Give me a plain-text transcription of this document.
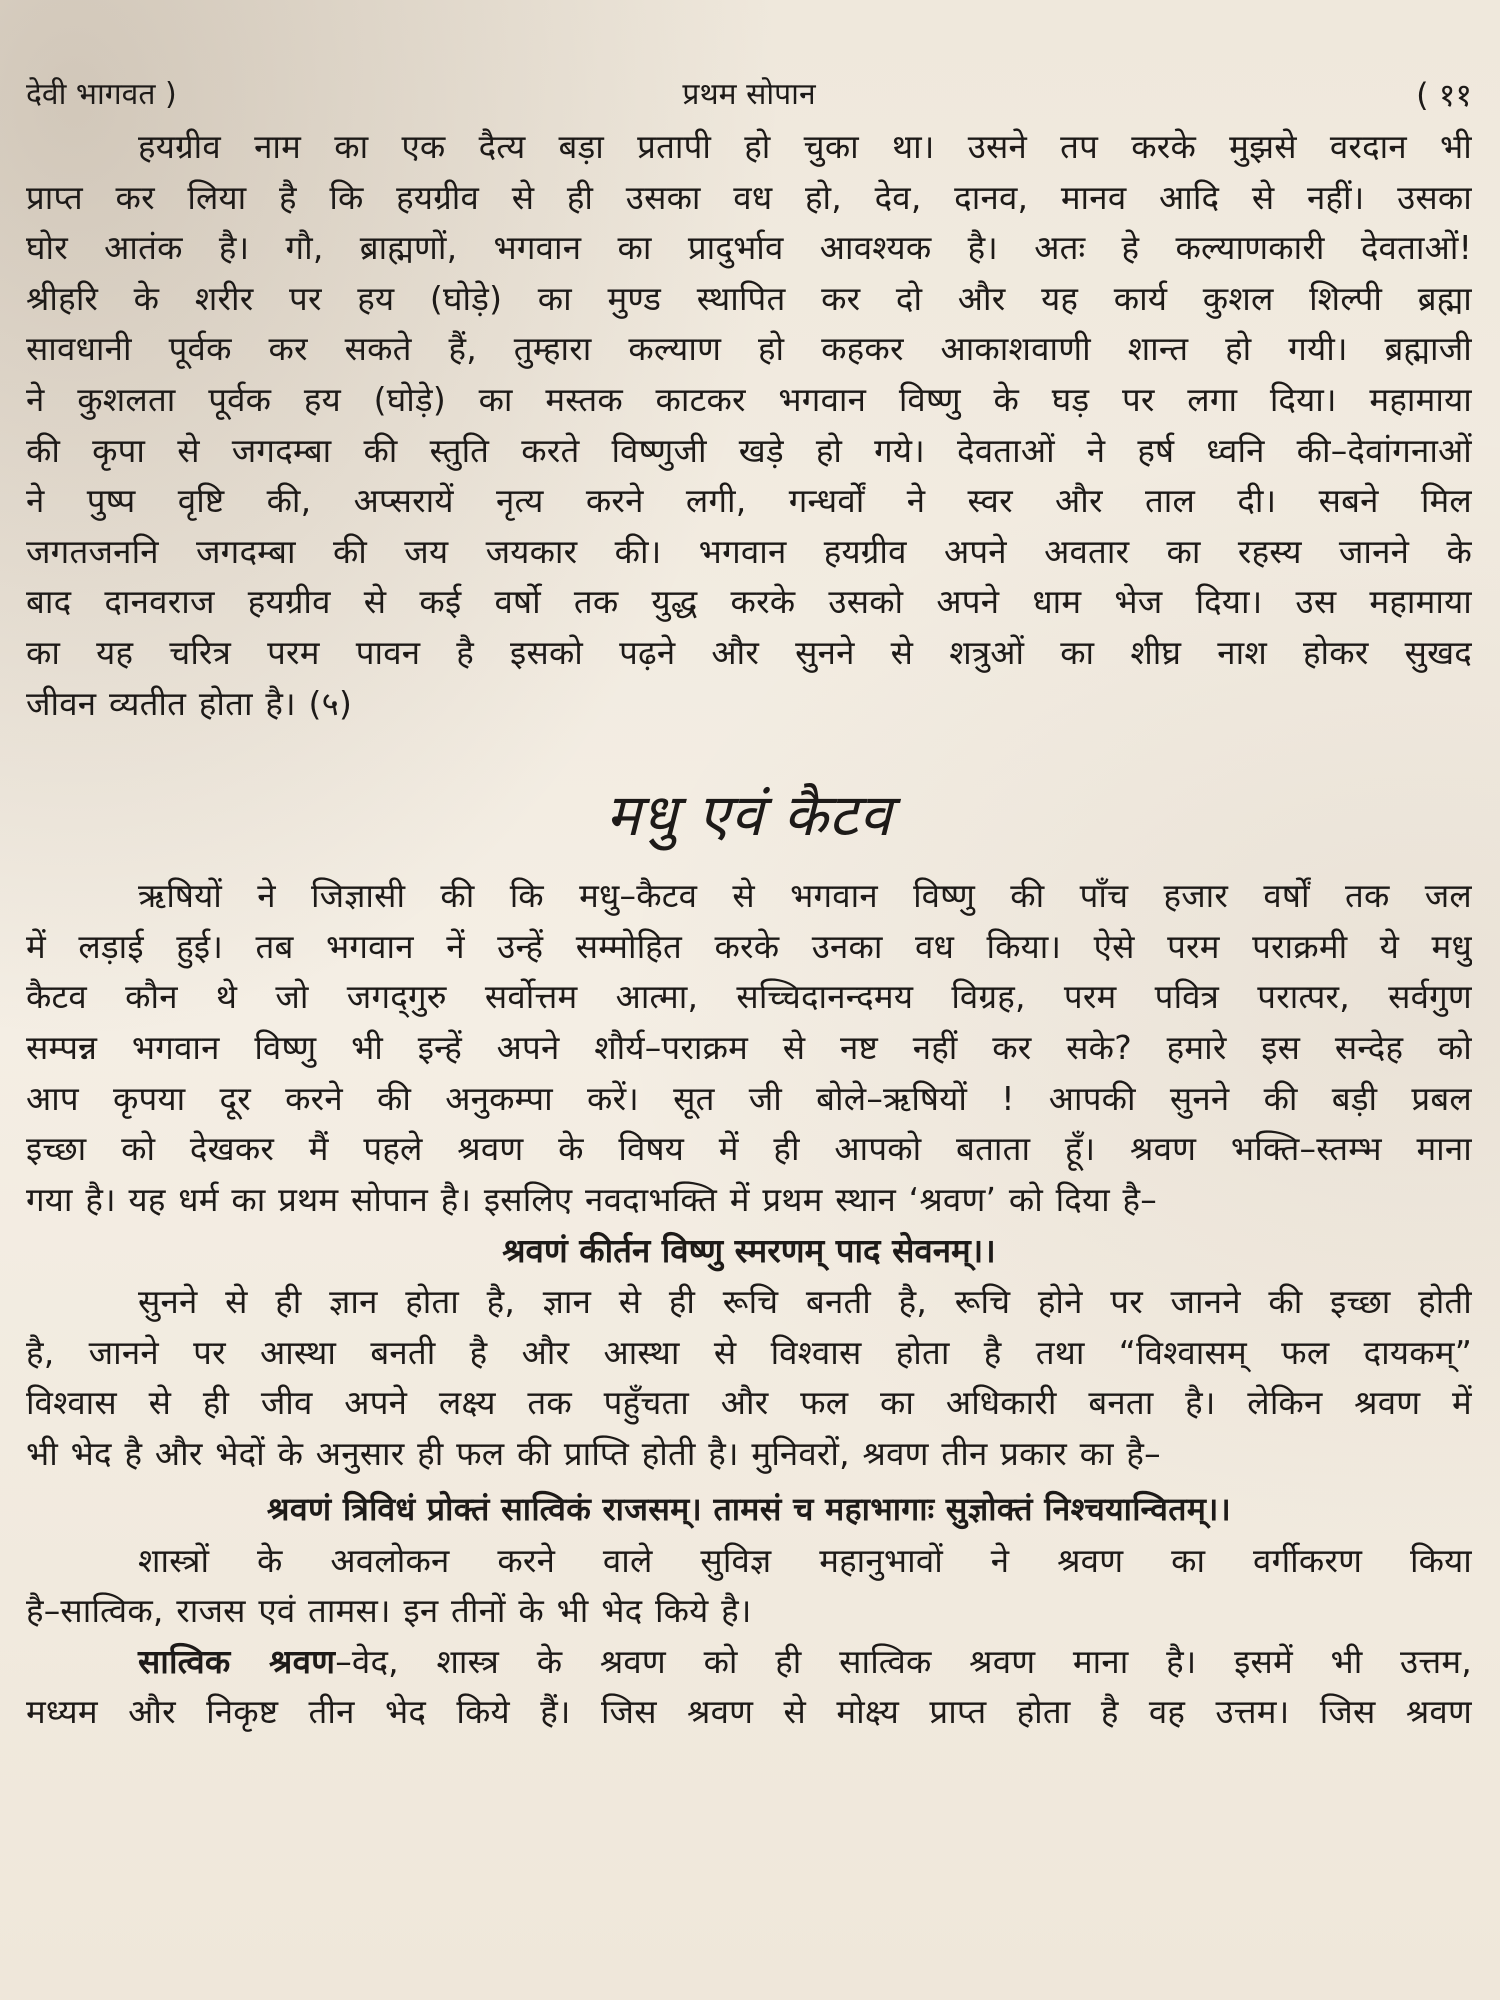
देवी भागवत )	प्रथम सोपान	( ११
हयग्रीव नाम का एक दैत्य बड़ा प्रतापी हो चुका था। उसने तप करके मुझसे वरदान भी
प्राप्त कर लिया है कि हयग्रीव से ही उसका वध हो, देव, दानव, मानव आदि से नहीं। उसका
घोर आतंक है। गौ, ब्राह्मणों, भगवान का प्रादुर्भाव आवश्यक है। अतः हे कल्याणकारी देवताओं!
श्रीहरि के शरीर पर हय (घोड़े) का मुण्ड स्थापित कर दो और यह कार्य कुशल शिल्पी ब्रह्मा
सावधानी पूर्वक कर सकते हैं, तुम्हारा कल्याण हो कहकर आकाशवाणी शान्त हो गयी। ब्रह्माजी
ने कुशलता पूर्वक हय (घोड़े) का मस्तक काटकर भगवान विष्णु के घड़ पर लगा दिया। महामाया
की कृपा से जगदम्बा की स्तुति करते विष्णुजी खड़े हो गये। देवताओं ने हर्ष ध्वनि की–देवांगनाओं
ने पुष्प वृष्टि की, अप्सरायें नृत्य करने लगी, गन्धर्वों ने स्वर और ताल दी। सबने मिल
जगतजननि जगदम्बा की जय जयकार की। भगवान हयग्रीव अपने अवतार का रहस्य जानने के
बाद दानवराज हयग्रीव से कई वर्षो तक युद्ध करके उसको अपने धाम भेज दिया। उस महामाया
का यह चरित्र परम पावन है इसको पढ़ने और सुनने से शत्रुओं का शीघ्र नाश होकर सुखद
जीवन व्यतीत होता है। (५)
मधु एवं कैटव
ऋषियों ने जिज्ञासी की कि मधु–कैटव से भगवान विष्णु की पाँच हजार वर्षों तक जल
में लड़ाई हुई। तब भगवान नें उन्हें सम्मोहित करके उनका वध किया। ऐसे परम पराक्रमी ये मधु
कैटव कौन थे जो जगद्‌गुरु सर्वोत्तम आत्मा, सच्चिदानन्दमय विग्रह, परम पवित्र परात्पर, सर्वगुण
सम्पन्न भगवान विष्णु भी इन्हें अपने शौर्य–पराक्रम से नष्ट नहीं कर सके? हमारे इस सन्देह को
आप कृपया दूर करने की अनुकम्पा करें। सूत जी बोले–ऋषियों ! आपकी सुनने की बड़ी प्रबल
इच्छा को देखकर मैं पहले श्रवण के विषय में ही आपको बताता हूँ। श्रवण भक्ति–स्तम्भ माना
गया है। यह धर्म का प्रथम सोपान है। इसलिए नवदाभक्ति में प्रथम स्थान ‘श्रवण’ को दिया है–
श्रवणं कीर्तन विष्णु स्मरणम् पाद सेवनम्।।
सुनने से ही ज्ञान होता है, ज्ञान से ही रूचि बनती है, रूचि होने पर जानने की इच्छा होती
है, जानने पर आस्था बनती है और आस्था से विश्वास होता है तथा “विश्वासम् फल दायकम्”
विश्वास से ही जीव अपने लक्ष्य तक पहुँचता और फल का अधिकारी बनता है। लेकिन श्रवण में
भी भेद है और भेदों के अनुसार ही फल की प्राप्ति होती है। मुनिवरों, श्रवण तीन प्रकार का है–
श्रवणं त्रिविधं प्रोक्तं सात्विकं राजसम्। तामसं च महाभागाः सुज्ञोक्तं निश्चयान्वितम्।।
शास्त्रों के अवलोकन करने वाले सुविज्ञ महानुभावों ने श्रवण का वर्गीकरण किया
है–सात्विक, राजस एवं तामस। इन तीनों के भी भेद किये है।
सात्विक श्रवण–वेद, शास्त्र के श्रवण को ही सात्विक श्रवण माना है। इसमें भी उत्तम,
मध्यम और निकृष्ट तीन भेद किये हैं। जिस श्रवण से मोक्ष्य प्राप्त होता है वह उत्तम। जिस श्रवण
